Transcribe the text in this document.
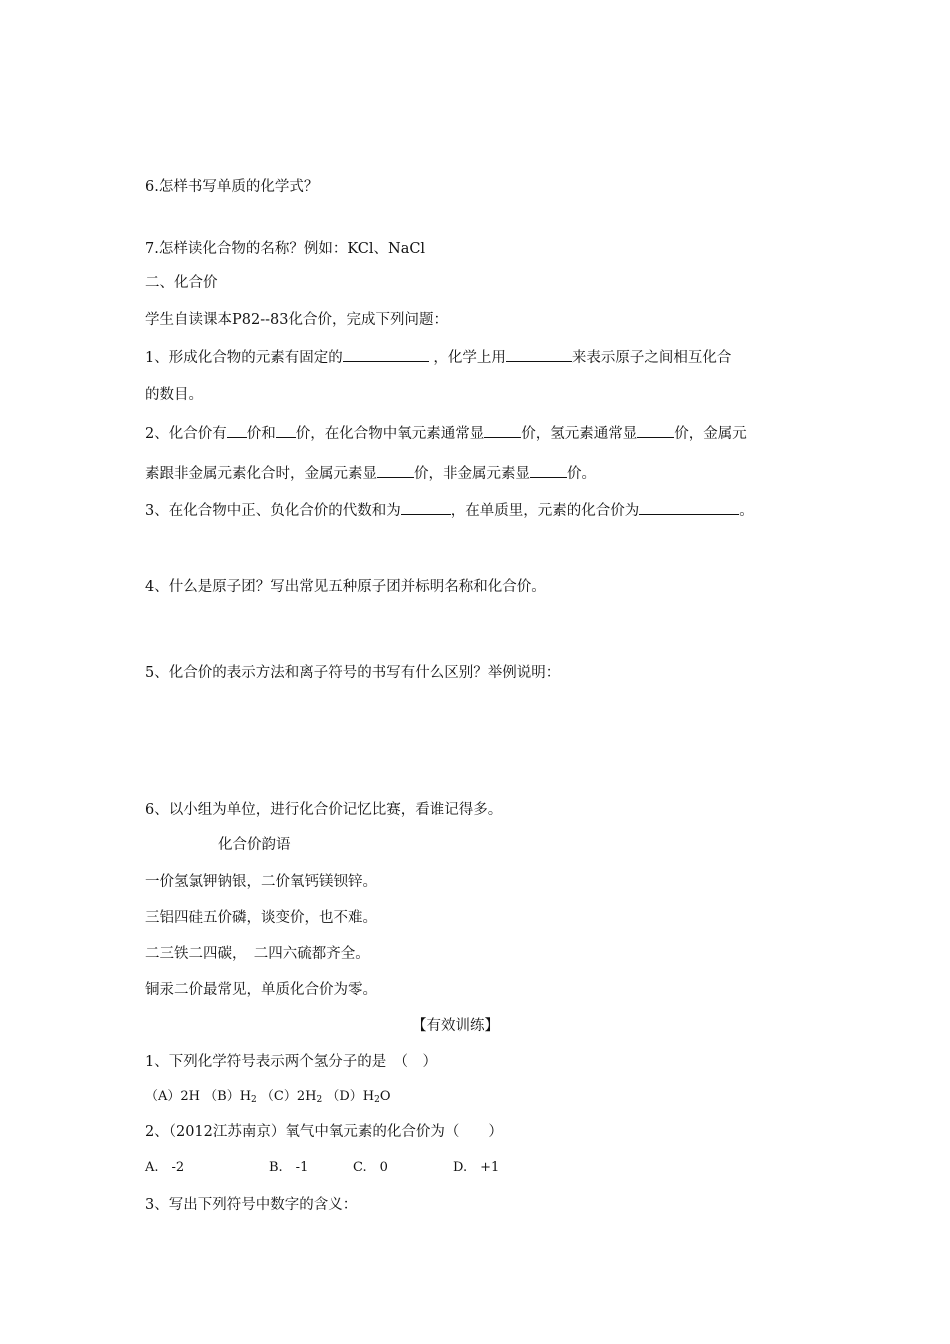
6.怎样书写单质的化学式？

7.怎样读化合物的名称？例如：KCl、NaCl

二、化合价

学生自读课本P82--83化合价，完成下列问题：

1、形成化合物的元素有固定的	，化学上用	来表示原子之间相互化合

的数目。

2、化合价有 价和 价，在化合物中氧元素通常显	价，氢元素通常显	价，金属元

素跟非金属元素化合时，金属元素显	价，非金属元素显	价。

3、在化合物中正、负化合价的代数和为	，在单质里，元素的化合价为	。

4、什么是原子团？写出常见五种原子团并标明名称和化合价。

5、化合价的表示方法和离子符号的书写有什么区别？举例说明：

6、以小组为单位，进行化合价记忆比赛，看谁记得多。

化合价韵语

一价氢氯钾钠银，二价氧钙镁钡锌。

三铝四硅五价磷，谈变价，也不难。

二三铁二四碳，　二四六硫都齐全。

铜汞二价最常见，单质化合价为零。

【有效训练】

1、下列化学符号表示两个氢分子的是　（　）

（A）2H $(B)H_2$ $(C)2H_2$ $(D)H_2O$

2、（2012江苏南京）氧气中氧元素的化合价为（　　）

A.　-2	B.　-1	C.　0	D.　+1

3、写出下列符号中数字的含义：
